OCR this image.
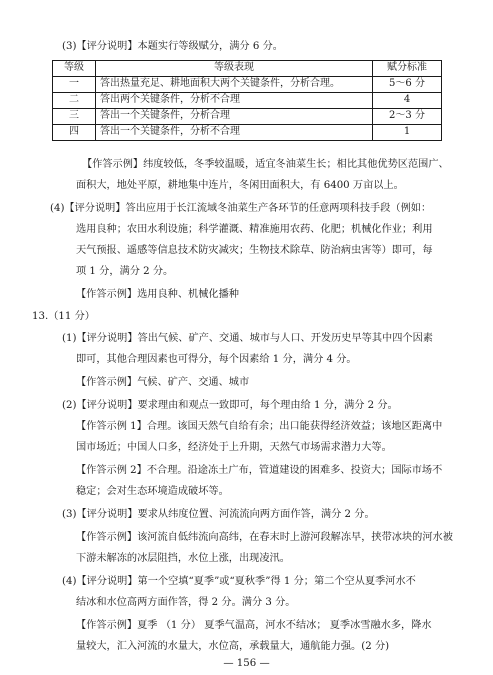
(3)【评分说明】本题实行等级赋分，满分 6 分。
等级	等级表现	赋分标准
一	答出热量充足、耕地面积大两个关键条件，分析合理。	5～6 分
二	答出两个关键条件，分析不合理	4
三	答出一个关键条件，分析合理	2～3 分
四	答出一个关键条件，分析不合理	1
【作答示例】纬度较低，冬季较温暖，适宜冬油菜生长；相比其他优势区范围广、
面积大，地处平原，耕地集中连片，冬闲田面积大，有 6400 万亩以上。
(4)【评分说明】答出应用于长江流域冬油菜生产各环节的任意两项科技手段（例如：
选用良种；农田水利设施；科学灌溉、精准施用农药、化肥；机械化作业；利用
天气预报、遥感等信息技术防灾减灾；生物技术除草、防治病虫害等）即可，每
项 1 分，满分 2 分。
【作答示例】选用良种、机械化播种
13.（11 分）
(1)【评分说明】答出气候、矿产、交通、城市与人口、开发历史早等其中四个因素
即可，其他合理因素也可得分，每个因素给 1 分，满分 4 分。
【作答示例】气候、矿产、交通、城市
(2)【评分说明】要求理由和观点一致即可，每个理由给 1 分，满分 2 分。
【作答示例 1】合理。该国天然气自给有余；出口能获得经济效益；该地区距离中
国市场近；中国人口多，经济处于上升期，天然气市场需求潜力大等。
【作答示例 2】不合理。沿途冻土广布，管道建设的困难多、投资大；国际市场不
稳定；会对生态环境造成破坏等。
(3)【评分说明】要求从纬度位置、河流流向两方面作答，满分 2 分。
【作答示例】该河流自低纬流向高纬，在春末时上游河段解冻早，挟带冰块的河水被
下游未解冻的冰层阻挡，水位上涨，出现凌汛。
(4)【评分说明】第一个空填“夏季”或“夏秋季”得 1 分；第二个空从夏季河水不
结冰和水位高两方面作答，得 2 分。满分 3 分。
【作答示例】夏季 （1 分） 夏季气温高，河水不结冰； 夏季冰雪融水多，降水
量较大，汇入河流的水量大，水位高，承载量大，通航能力强。(2 分)
— 156 —
